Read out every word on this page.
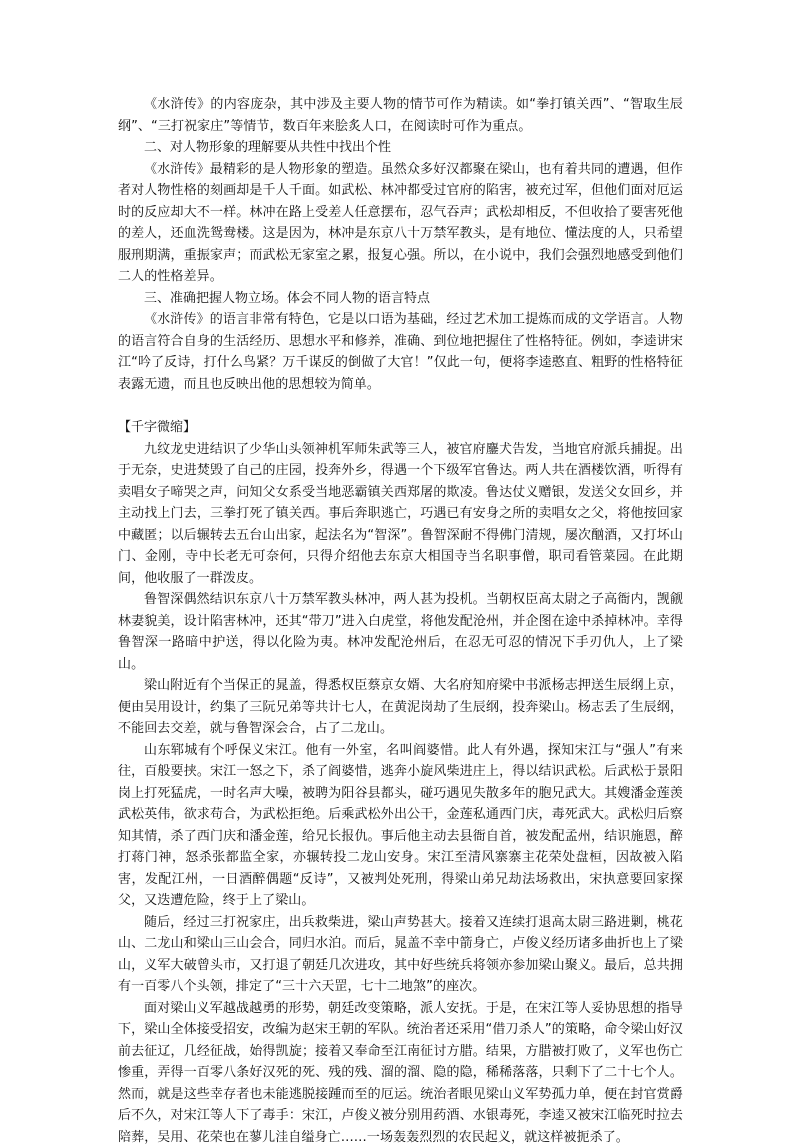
《水浒传》的内容庞杂，其中涉及主要人物的情节可作为精读。如“拳打镇关西”、“智取生辰纲”、“三打祝家庄”等情节，数百年来脍炙人口，在阅读时可作为重点。

二、对人物形象的理解要从共性中找出个性

《水浒传》最精彩的是人物形象的塑造。虽然众多好汉都聚在梁山，也有着共同的遭遇，但作者对人物性格的刻画却是千人千面。如武松、林冲都受过官府的陷害，被充过军，但他们面对厄运时的反应却大不一样。林冲在路上受差人任意摆布，忍气吞声；武松却相反，不但收拾了要害死他的差人，还血洗鸳鸯楼。这是因为，林冲是东京八十万禁军教头，是有地位、懂法度的人，只希望服刑期满，重振家声；而武松无家室之累，报复心强。所以，在小说中，我们会强烈地感受到他们二人的性格差异。

三、准确把握人物立场。体会不同人物的语言特点

《水浒传》的语言非常有特色，它是以口语为基础，经过艺术加工提炼而成的文学语言。人物的语言符合自身的生活经历、思想水平和修养，准确、到位地把握住了性格特征。例如，李逵讲宋江“吟了反诗，打什么鸟紧？万千谋反的倒做了大官！”仅此一句，便将李逵憨直、粗野的性格特征表露无遗，而且也反映出他的思想较为简单。

【千字微缩】

九纹龙史进结识了少华山头领神机军师朱武等三人，被官府鏖犬告发，当地官府派兵捕捉。出于无奈，史进焚毁了自己的庄园，投奔外乡，得遇一个下级军官鲁达。两人共在酒楼饮酒，听得有卖唱女子啼哭之声，问知父女系受当地恶霸镇关西郑屠的欺凌。鲁达仗义赠银，发送父女回乡，并主动找上门去，三拳打死了镇关西。事后奔职逃亡，巧遇已有安身之所的卖唱女之父，将他按回家中藏匿；以后辗转去五台山出家，起法名为“智深”。鲁智深耐不得佛门清规，屡次酗酒，又打坏山门、金刚，寺中长老无可奈何，只得介绍他去东京大相国寺当名职事僧，职司看管菜园。在此期间，他收服了一群泼皮。

鲁智深偶然结识东京八十万禁军教头林冲，两人甚为投机。当朝权臣高太尉之子高衙内，觊觎林妻貌美，设计陷害林冲，还其“带刀”进入白虎堂，将他发配沧州，并企图在途中杀掉林冲。幸得鲁智深一路暗中护送，得以化险为夷。林冲发配沧州后，在忍无可忍的情况下手刃仇人，上了梁山。

梁山附近有个当保正的晁盖，得悉权臣蔡京女婿、大名府知府梁中书派杨志押送生辰纲上京，便由吴用设计，约集了三阮兄弟等共计七人，在黄泥岗劫了生辰纲，投奔梁山。杨志丢了生辰纲，不能回去交差，就与鲁智深会合，占了二龙山。

山东郓城有个呼保义宋江。他有一外室，名叫阎婆惜。此人有外遇，探知宋江与“强人”有来往，百般要挟。宋江一怒之下，杀了阎婆惜，逃奔小旋风柴进庄上，得以结识武松。后武松于景阳岗上打死猛虎，一时名声大噪，被聘为阳谷县都头，碰巧遇见失散多年的胞兄武大。其嫂潘金莲羡武松英伟，欲求苟合，为武松拒绝。后乘武松外出公干，金莲私通西门庆，毒死武大。武松归后察知其情，杀了西门庆和潘金莲，给兄长报仇。事后他主动去县衙自首，被发配孟州，结识施恩，醉打蒋门神，怒杀张都监全家，亦辗转投二龙山安身。宋江至清风寨寨主花荣处盘桓，因故被入陷害，发配江州，一日酒醉偶题“反诗”，又被判处死刑，得梁山弟兄劫法场救出，宋执意要回家探父，又迭遭危险，终于上了梁山。

随后，经过三打祝家庄，出兵救柴进，梁山声势甚大。接着又连续打退高太尉三路进剿，桃花山、二龙山和梁山三山会合，同归水泊。而后，晁盖不幸中箭身亡，卢俊义经历诸多曲折也上了梁山，义军大破曾头市，又打退了朝廷几次进攻，其中好些统兵将领亦参加梁山聚义。最后，总共拥有一百零八个头领，排定了“三十六天罡，七十二地煞”的座次。

面对梁山义军越战越勇的形势，朝廷改变策略，派人安抚。于是，在宋江等人妥协思想的指导下，梁山全体接受招安，改编为赵宋王朝的军队。统治者还采用“借刀杀人”的策略，命令梁山好汉前去征辽，几经征战，始得凯旋；接着又奉命至江南征讨方腊。结果，方腊被打败了，义军也伤亡惨重，弄得一百零八条好汉死的死、残的残、溜的溜、隐的隐，稀稀落落，只剩下了二十七个人。然而，就是这些幸存者也未能逃脱接踵而至的厄运。统治者眼见梁山义军势孤力单，便在封官赏爵后不久，对宋江等人下了毒手：宋江，卢俊义被分别用药酒、水银毒死，李逵又被宋江临死时拉去陪葬，吴用、花荣也在蓼儿洼自缢身亡……一场轰轰烈烈的农民起义，就这样被扼杀了。
